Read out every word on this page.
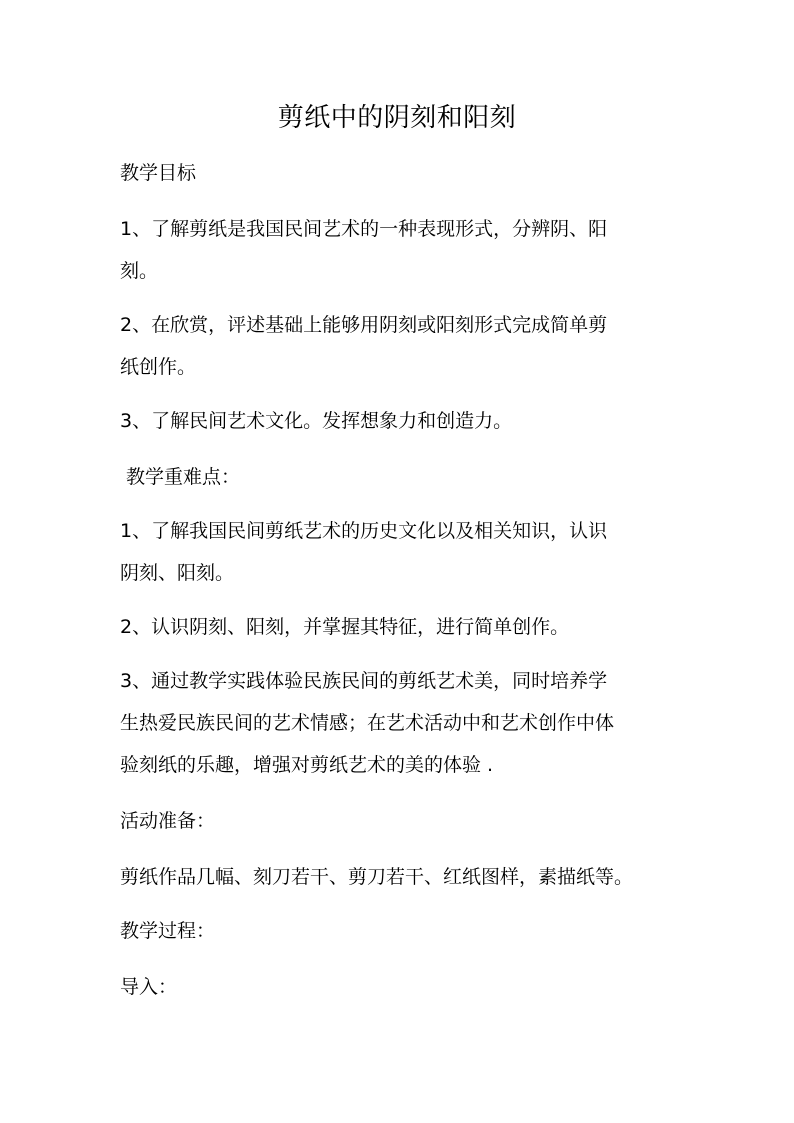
剪纸中的阴刻和阳刻
教学目标
1、了解剪纸是我国民间艺术的一种表现形式，分辨阴、阳
刻。
2、在欣赏，评述基础上能够用阴刻或阳刻形式完成简单剪
纸创作。
3、了解民间艺术文化。发挥想象力和创造力。
教学重难点：
1、了解我国民间剪纸艺术的历史文化以及相关知识，认识
阴刻、阳刻。
2、认识阴刻、阳刻，并掌握其特征，进行简单创作。
3、通过教学实践体验民族民间的剪纸艺术美，同时培养学
生热爱民族民间的艺术情感；在艺术活动中和艺术创作中体
验刻纸的乐趣，增强对剪纸艺术的美的体验 .
活动准备：
剪纸作品几幅、刻刀若干、剪刀若干、红纸图样，素描纸等。
教学过程：
导入：
